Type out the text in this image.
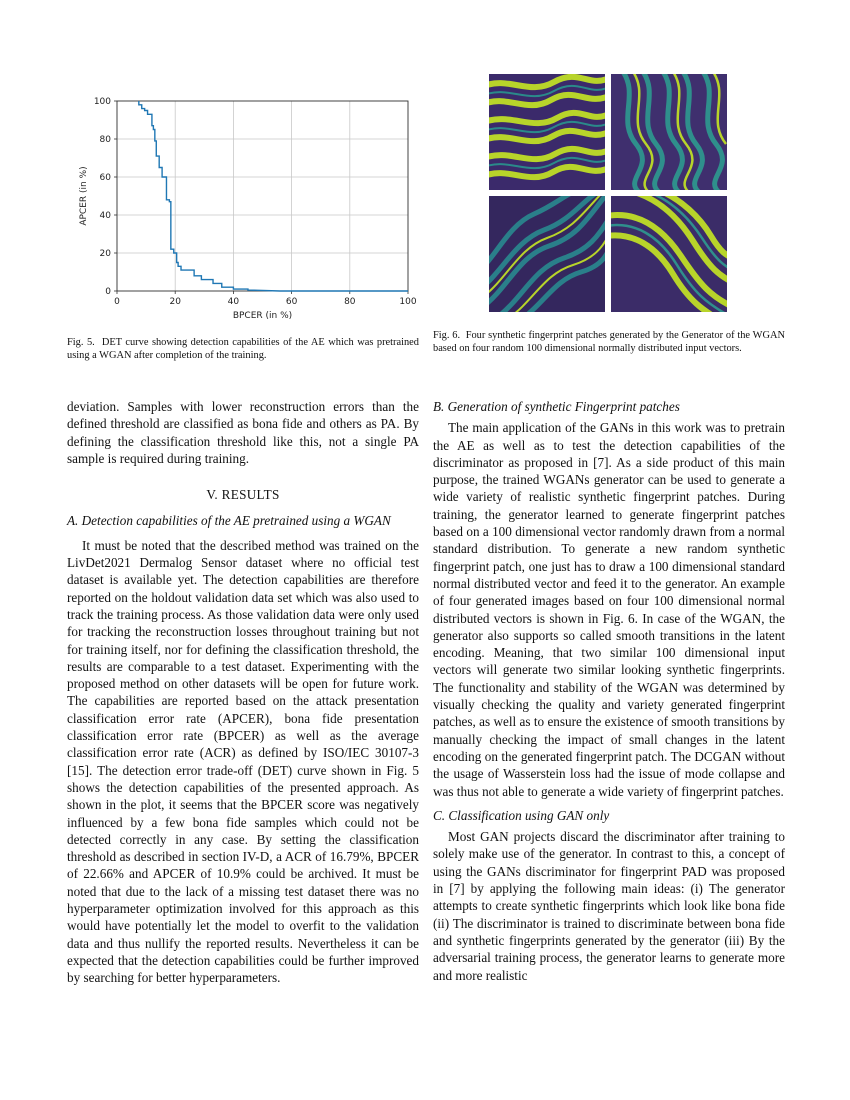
0	20	40	60	80	100
0
20
40
60
80
100
BPCER (in %)
APCER (in %)
Fig. 5. DET curve showing detection capabilities of the AE which was pretrained using a WGAN after completion of the training.
Fig. 6. Four synthetic fingerprint patches generated by the Generator of the WGAN based on four random 100 dimensional normally distributed input vectors.

deviation. Samples with lower reconstruction errors than the defined threshold are classified as bona fide and others as PA. By defining the classification threshold like this, not a single PA sample is required during training.

V. RESULTS

A. Detection capabilities of the AE pretrained using a WGAN

It must be noted that the described method was trained on the LivDet2021 Dermalog Sensor dataset where no official test dataset is available yet. The detection capabilities are therefore reported on the holdout validation data set which was also used to track the training process. As those validation data were only used for tracking the reconstruction losses throughout training but not for training itself, nor for defining the classification threshold, the results are comparable to a test dataset. Experimenting with the proposed method on other datasets will be open for future work. The capabilities are reported based on the attack presentation classification error rate (APCER), bona fide presentation classification error rate (BPCER) as well as the average classification error rate (ACR) as defined by ISO/IEC 30107-3 [15]. The detection error trade-off (DET) curve shown in Fig. 5 shows the detection capabilities of the presented approach. As shown in the plot, it seems that the BPCER score was negatively influenced by a few bona fide samples which could not be detected correctly in any case. By setting the classification threshold as described in section IV-D, a ACR of 16.79%, BPCER of 22.66% and APCER of 10.9% could be archived. It must be noted that due to the lack of a missing test dataset there was no hyperparameter optimization involved for this approach as this would have potentially let the model to overfit to the validation data and thus nullify the reported results. Nevertheless it can be expected that the detection capabilities could be further improved by searching for better hyperparameters.

B. Generation of synthetic Fingerprint patches

The main application of the GANs in this work was to pretrain the AE as well as to test the detection capabilities of the discriminator as proposed in [7]. As a side product of this main purpose, the trained WGANs generator can be used to generate a wide variety of realistic synthetic fingerprint patches. During training, the generator learned to generate fingerprint patches based on a 100 dimensional vector randomly drawn from a normal standard distribution. To generate a new random synthetic fingerprint patch, one just has to draw a 100 dimensional standard normal distributed vector and feed it to the generator. An example of four generated images based on four 100 dimensional normal distributed vectors is shown in Fig. 6. In case of the WGAN, the generator also supports so called smooth transitions in the latent encoding. Meaning, that two similar 100 dimensional input vectors will generate two similar looking synthetic fingerprints. The functionality and stability of the WGAN was determined by visually checking the quality and variety generated fingerprint patches, as well as to ensure the existence of smooth transitions by manually checking the impact of small changes in the latent encoding on the generated fingerprint patch. The DCGAN without the usage of Wasserstein loss had the issue of mode collapse and was thus not able to generate a wide variety of fingerprint patches.

C. Classification using GAN only

Most GAN projects discard the discriminator after training to solely make use of the generator. In contrast to this, a concept of using the GANs discriminator for fingerprint PAD was proposed in [7] by applying the following main ideas: (i) The generator attempts to create synthetic fingerprints which look like bona fide (ii) The discriminator is trained to discriminate between bona fide and synthetic fingerprints generated by the generator (iii) By the adversarial training process, the generator learns to generate more and more realistic
